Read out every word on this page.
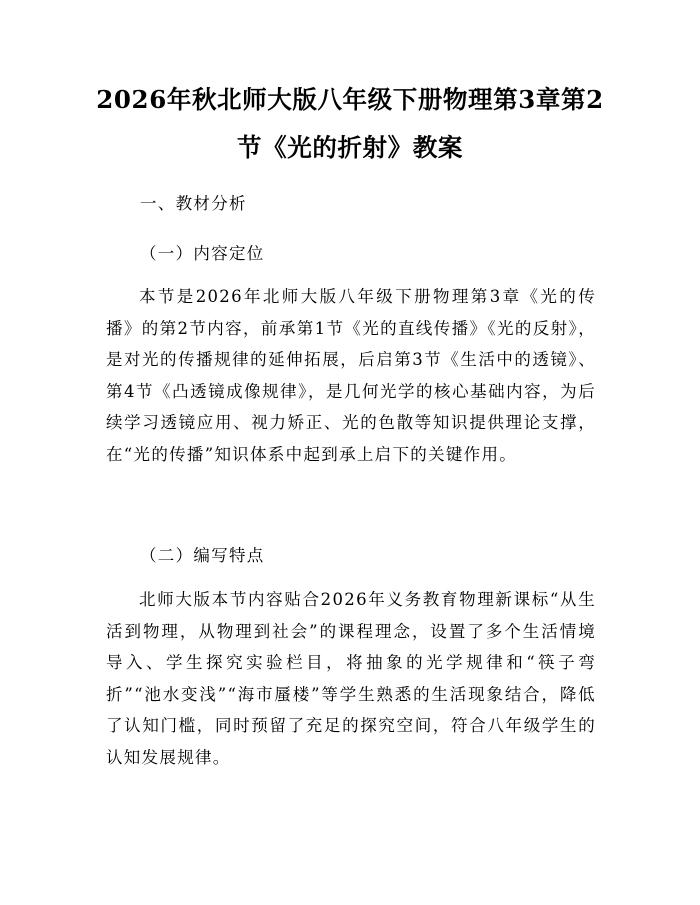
2026年秋北师大版八年级下册物理第3章第2节《光的折射》教案
一、教材分析
（一）内容定位

本节是2026年北师大版八年级下册物理第3章《光的传播》的第2节内容，前承第1节《光的直线传播》《光的反射》，是对光的传播规律的延伸拓展，后启第3节《生活中的透镜》、第4节《凸透镜成像规律》，是几何光学的核心基础内容，为后续学习透镜应用、视力矫正、光的色散等知识提供理论支撑，在“光的传播”知识体系中起到承上启下的关键作用。

（二）编写特点

北师大版本节内容贴合2026年义务教育物理新课标“从生活到物理，从物理到社会”的课程理念，设置了多个生活情境导入、学生探究实验栏目，将抽象的光学规律和“筷子弯折”“池水变浅”“海市蜃楼”等学生熟悉的生活现象结合，降低了认知门槛，同时预留了充足的探究空间，符合八年级学生的认知发展规律。
